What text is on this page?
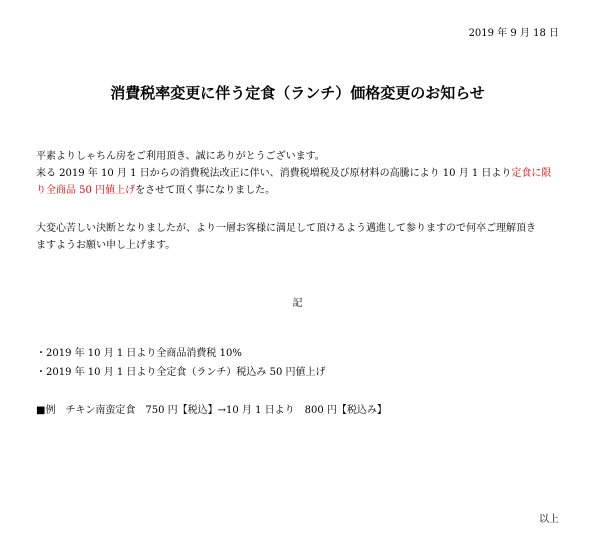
2019 年 9 月 18 日
消費税率変更に伴う定食（ランチ）価格変更のお知らせ
平素よりしゃちん房をご利用頂き、誠にありがとうございます。
来る 2019 年 10 月 1 日からの消費税法改正に伴い、消費税増税及び原材料の高騰により 10 月 1 日より定食に限
り全商品 50 円値上げをさせて頂く事になりました。
大変心苦しい決断となりましたが、より一層お客様に満足して頂けるよう邁進して参りますので何卒ご理解頂き
ますようお願い申し上げます。
記
・2019 年 10 月 1 日より全商品消費税 10%
・2019 年 10 月 1 日より全定食（ランチ）税込み 50 円値上げ
■例　チキン南蛮定食　750 円【税込】→10 月 1 日より　800 円【税込み】
以上
